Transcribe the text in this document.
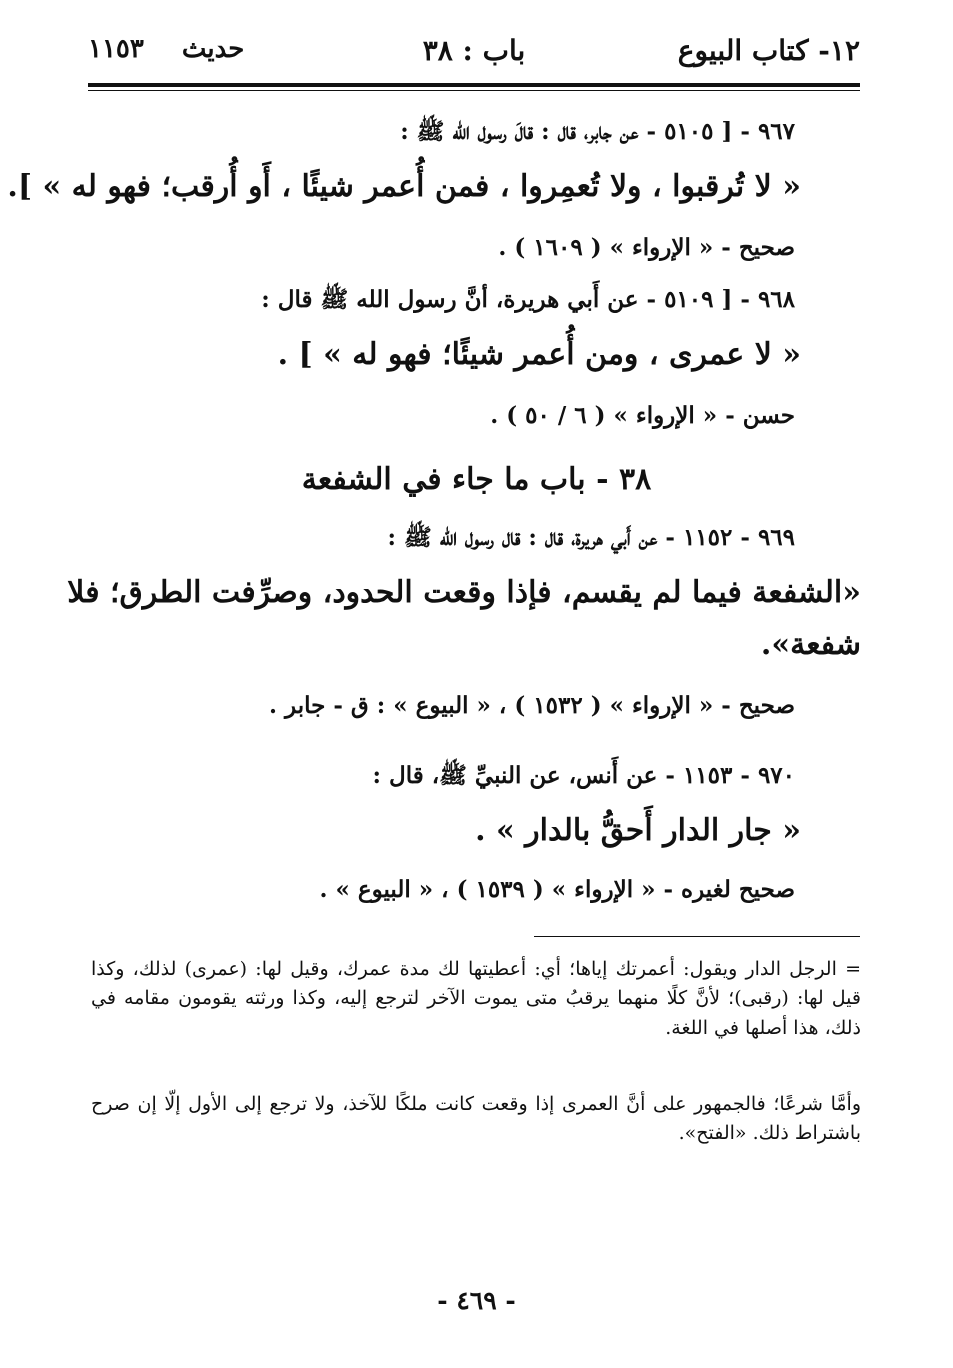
١٢- كتاب البيوع
باب : ٣٨
حديث١١٥٣
٩٦٧ - [ ٥١٠٥ - عن جابر، قال : قالَ رسول الله ﷺ :
« لا تُرقبوا ، ولا تُعمِروا ، فمن أُعمر شيئًا ، أَو أُرقب؛ فهو له » ].
صحيح - « الإرواء » ( ١٦٠٩ ) .
٩٦٨ - [ ٥١٠٩ - عن أَبي هريرة، أنَّ رسول الله ﷺ قال :
« لا عمرى ، ومن أُعمر شيئًا؛ فهو له » ] .
حسن - « الإرواء » ( ٦ / ٥٠ ) .
٣٨ - باب ما جاء في الشفعة
٩٦٩ - ١١٥٢ - عن أَبي هريرة، قال : قال رسول الله ﷺ :
«الشفعة فيما لم يقسم، فإذا وقعت الحدود، وصرِّفت الطرق؛ فلا
شفعة».
صحيح - « الإرواء » ( ١٥٣٢ ) ، « البيوع » : ق - جابر .
٩٧٠ - ١١٥٣ - عن أَنس، عن النبيِّ ﷺ، قال :
« جار الدار أَحقُّ بالدار » .
صحيح لغيره - « الإرواء » ( ١٥٣٩ ) ، « البيوع » .
= الرجل الدار ويقول: أعمرتك إياها؛ أي: أعطيتها لك مدة عمرك، وقيل لها: (عمرى) لذلك، وكذا قيل لها: (رقبى)؛ لأنَّ كلًا منهما يرقبُ متى يموت الآخر لترجع إليه، وكذا ورثته يقومون مقامه في ذلك، هذا أصلها في اللغة.
وأمَّا شرعًا؛ فالجمهور على أنَّ العمرى إذا وقعت كانت ملكًا للآخذ، ولا ترجع إلى الأول إلّا إن صرح باشتراط ذلك. «الفتح».
- ٤٦٩ -
